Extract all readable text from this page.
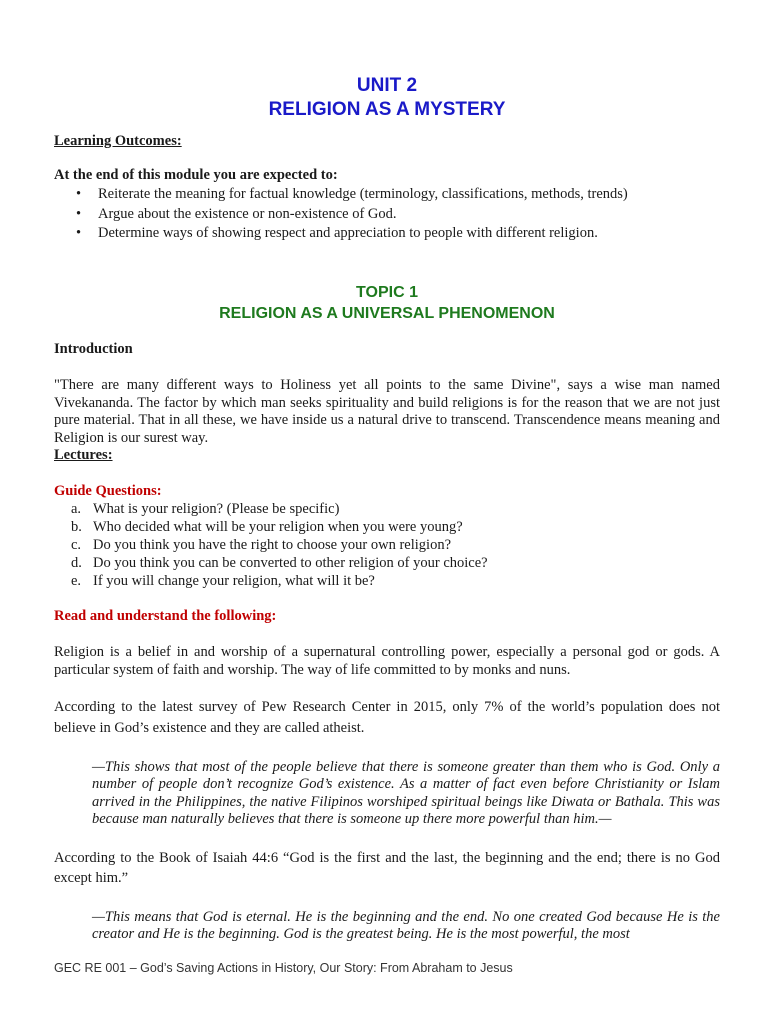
UNIT 2
RELIGION AS A MYSTERY
Learning Outcomes:
At the end of this module you are expected to:
• Reiterate the meaning for factual knowledge (terminology, classifications, methods, trends)
• Argue about the existence or non-existence of God.
• Determine ways of showing respect and appreciation to people with different religion.
TOPIC 1
RELIGION AS A UNIVERSAL PHENOMENON
Introduction
"There are many different ways to Holiness yet all points to the same Divine", says a wise man named Vivekananda. The factor by which man seeks spirituality and build religions is for the reason that we are not just pure material. That in all these, we have inside us a natural drive to transcend. Transcendence means meaning and Religion is our surest way.
Lectures:
Guide Questions:
a. What is your religion? (Please be specific)
b. Who decided what will be your religion when you were young?
c. Do you think you have the right to choose your own religion?
d. Do you think you can be converted to other religion of your choice?
e. If you will change your religion, what will it be?
Read and understand the following:
Religion is a belief in and worship of a supernatural controlling power, especially a personal god or gods. A particular system of faith and worship. The way of life committed to by monks and nuns.
According to the latest survey of Pew Research Center in 2015, only 7% of the world’s population does not believe in God’s existence and they are called atheist.
—This shows that most of the people believe that there is someone greater than them who is God. Only a number of people don’t recognize God’s existence. As a matter of fact even before Christianity or Islam arrived in the Philippines, the native Filipinos worshiped spiritual beings like Diwata or Bathala. This was because man naturally believes that there is someone up there more powerful than him.—
According to the Book of Isaiah 44:6 “God is the first and the last, the beginning and the end; there is no God except him.”
—This means that God is eternal. He is the beginning and the end. No one created God because He is the creator and He is the beginning. God is the greatest being. He is the most powerful, the most
GEC RE 001 – God’s Saving Actions in History, Our Story: From Abraham to Jesus
